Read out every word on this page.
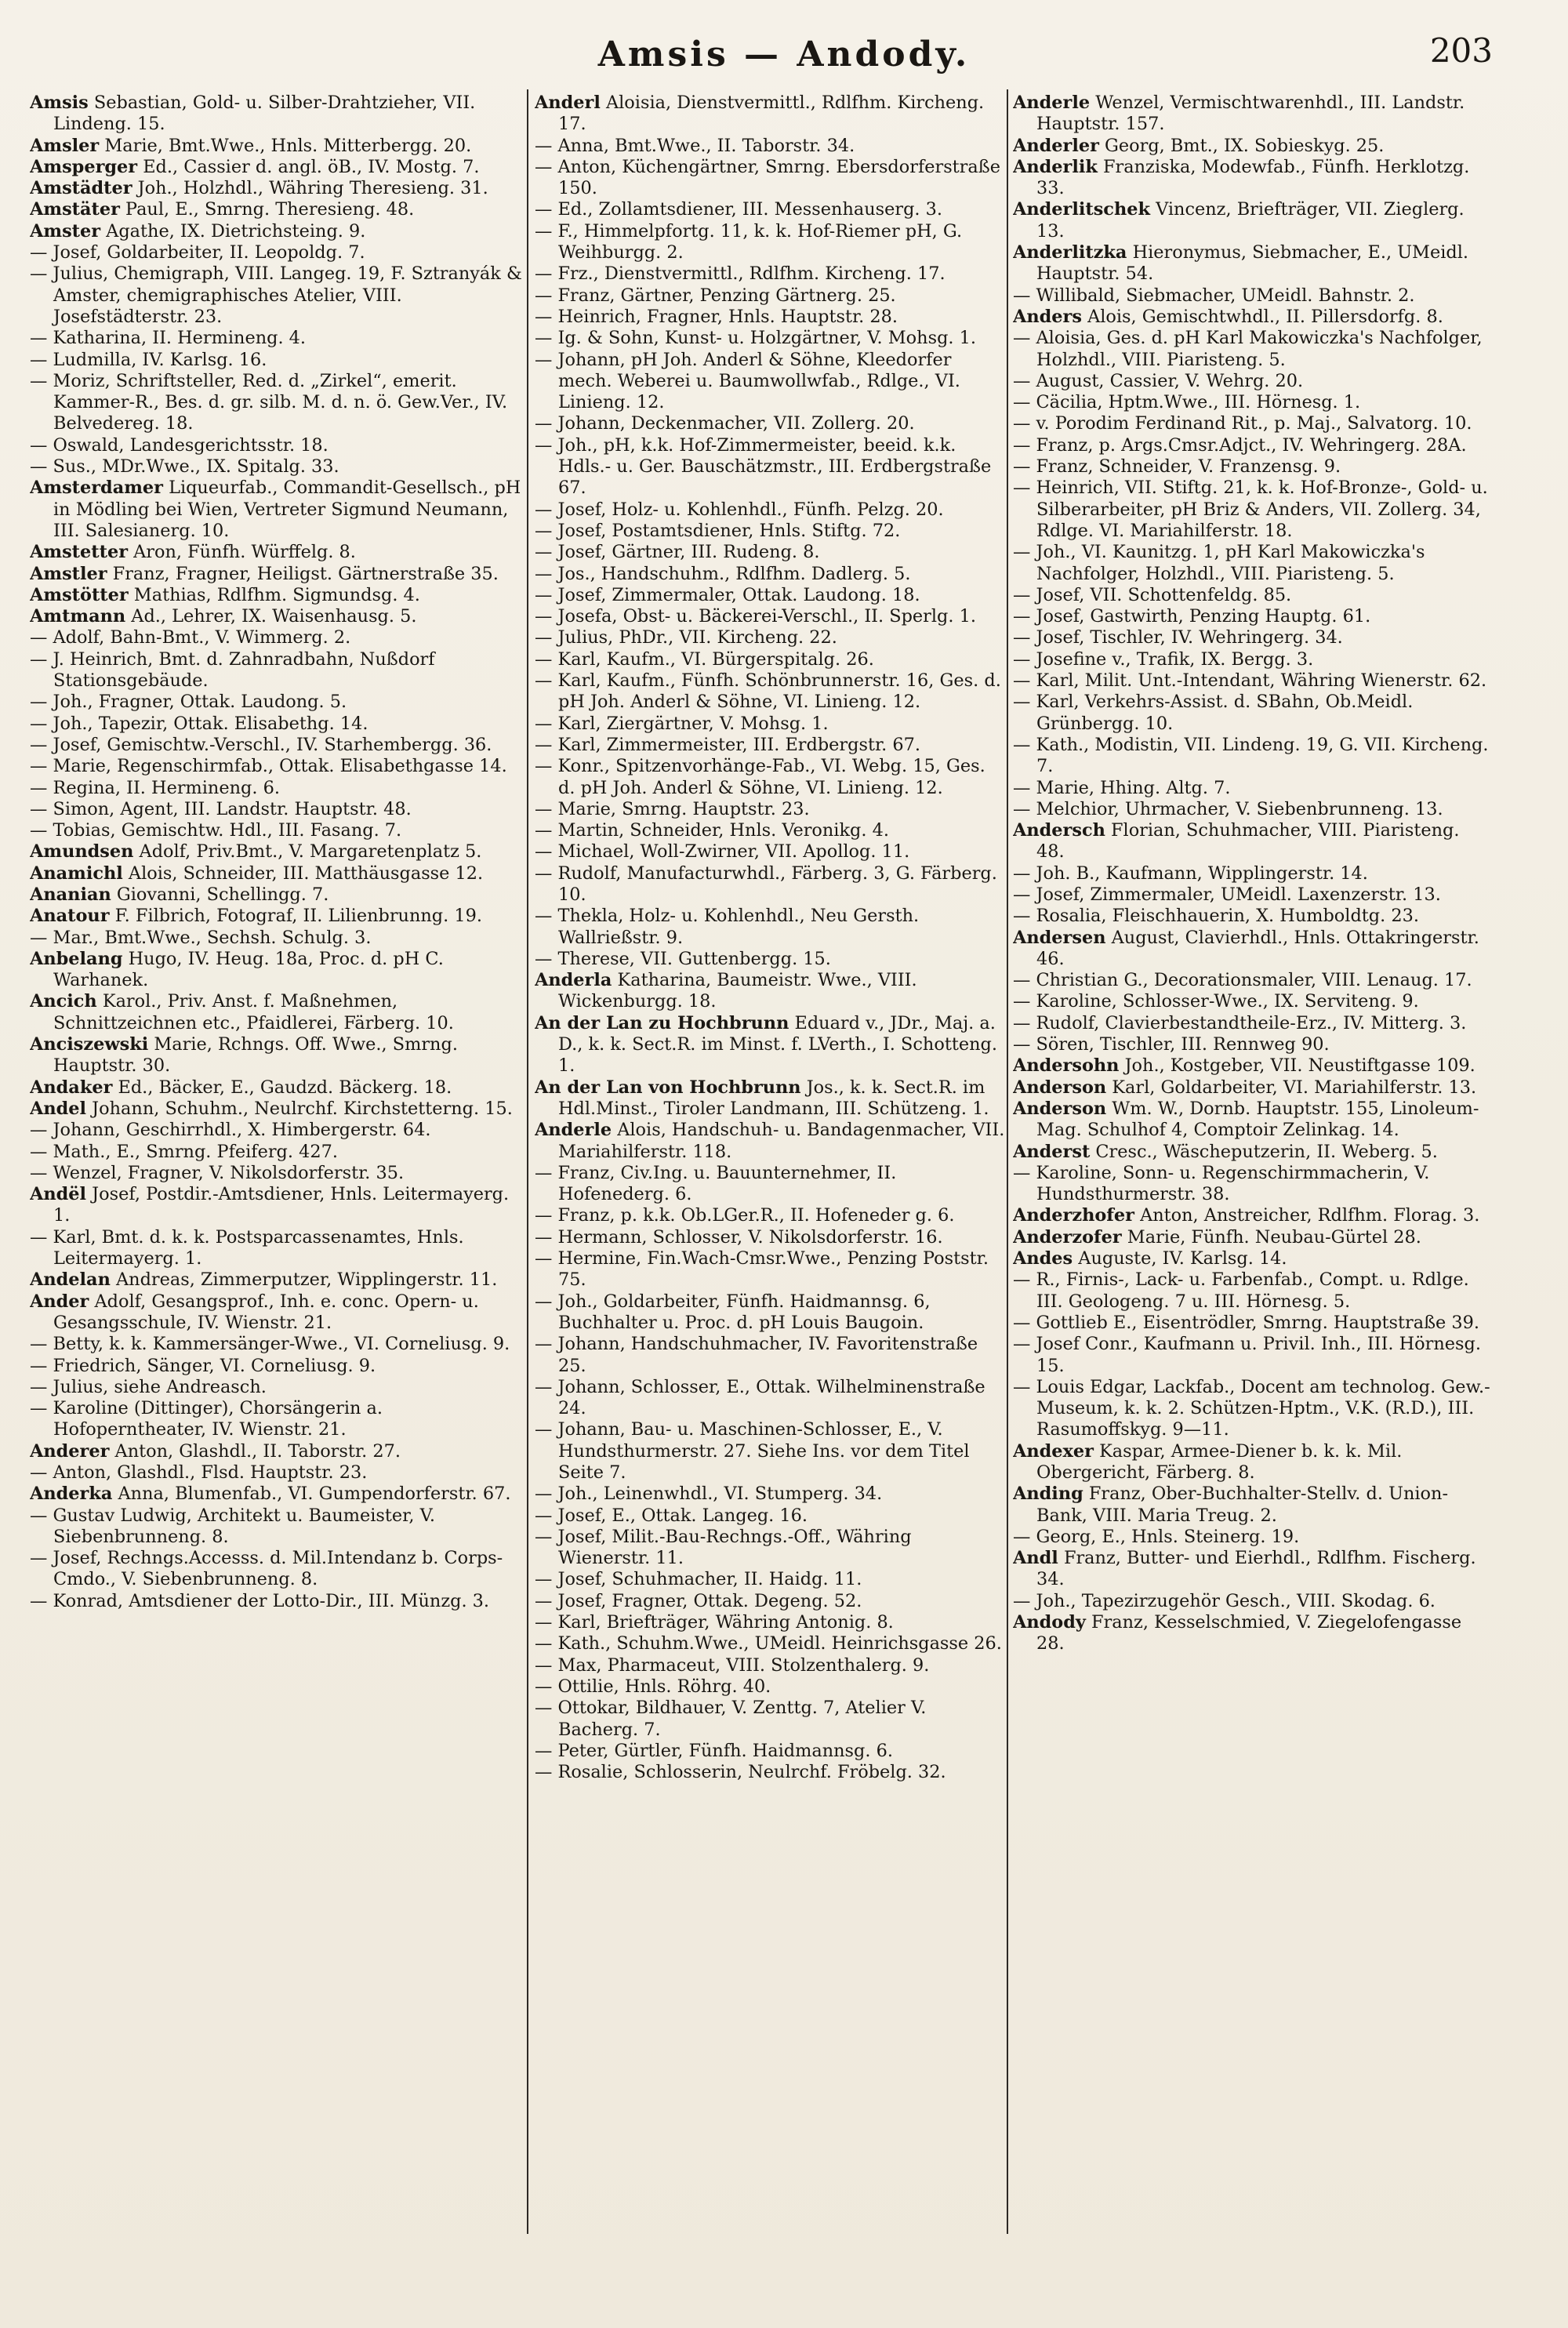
Amsis — Andody.	203

Amsis Sebastian, Gold- u. Silber-Drahtzieher, VII. Lindeng. 15.

Amsler Marie, Bmt.Wwe., Hnls. Mitterbergg. 20.

Amsperger Ed., Cassier d. angl. öB., IV. Mostg. 7.

Amstädter Joh., Holzhdl., Währing Theresieng. 31.

Amstäter Paul, E., Smrng. Theresieng. 48.

Amster Agathe, IX. Dietrichsteing. 9.

— Josef, Goldarbeiter, II. Leopoldg. 7.

— Julius, Chemigraph, VIII. Langeg. 19, F. Sztranyák & Amster, chemigraphisches Atelier, VIII. Josefstädterstr. 23.

— Katharina, II. Hermineng. 4.

— Ludmilla, IV. Karlsg. 16.

— Moriz, Schriftsteller, Red. d. „Zirkel“, emerit. Kammer-R., Bes. d. gr. silb. M. d. n. ö. Gew.Ver., IV. Belvedereg. 18.

— Oswald, Landesgerichtsstr. 18.

— Sus., MDr.Wwe., IX. Spitalg. 33.

Amsterdamer Liqueurfab., Commandit-Gesellsch., pH in Mödling bei Wien, Vertreter Sigmund Neumann, III. Salesianerg. 10.

Amstetter Aron, Fünfh. Würffelg. 8.

Amstler Franz, Fragner, Heiligst. Gärtnerstraße 35.

Amstötter Mathias, Rdlfhm. Sigmundsg. 4.

Amtmann Ad., Lehrer, IX. Waisenhausg. 5.

— Adolf, Bahn-Bmt., V. Wimmerg. 2.

— J. Heinrich, Bmt. d. Zahnradbahn, Nußdorf Stationsgebäude.

— Joh., Fragner, Ottak. Laudong. 5.

— Joh., Tapezir, Ottak. Elisabethg. 14.

— Josef, Gemischtw.-Verschl., IV. Starhembergg. 36.

— Marie, Regenschirmfab., Ottak. Elisabethgasse 14.

— Regina, II. Hermineng. 6.

— Simon, Agent, III. Landstr. Hauptstr. 48.

— Tobias, Gemischtw. Hdl., III. Fasang. 7.

Amundsen Adolf, Priv.Bmt., V. Margaretenplatz 5.

Anamichl Alois, Schneider, III. Matthäusgasse 12.

Ananian Giovanni, Schellingg. 7.

Anatour F. Filbrich, Fotograf, II. Lilienbrunng. 19.

— Mar., Bmt.Wwe., Sechsh. Schulg. 3.

Anbelang Hugo, IV. Heug. 18a, Proc. d. pH C. Warhanek.

Ancich Karol., Priv. Anst. f. Maßnehmen, Schnittzeichnen etc., Pfaidlerei, Färberg. 10.

Anciszewski Marie, Rchngs. Off. Wwe., Smrng. Hauptstr. 30.

Andaker Ed., Bäcker, E., Gaudzd. Bäckerg. 18.

Andel Johann, Schuhm., Neulrchf. Kirchstetterng. 15.

— Johann, Geschirrhdl., X. Himbergerstr. 64.

— Math., E., Smrng. Pfeiferg. 427.

— Wenzel, Fragner, V. Nikolsdorferstr. 35.

Andël Josef, Postdir.-Amtsdiener, Hnls. Leitermayerg. 1.

— Karl, Bmt. d. k. k. Postsparcassenamtes, Hnls. Leitermayerg. 1.

Andelan Andreas, Zimmerputzer, Wipplingerstr. 11.

Ander Adolf, Gesangsprof., Inh. e. conc. Opern- u. Gesangsschule, IV. Wienstr. 21.

— Betty, k. k. Kammersänger-Wwe., VI. Corneliusg. 9.

— Friedrich, Sänger, VI. Corneliusg. 9.

— Julius, siehe Andreasch.

— Karoline (Dittinger), Chorsängerin a. Hofoperntheater, IV. Wienstr. 21.

Anderer Anton, Glashdl., II. Taborstr. 27.

— Anton, Glashdl., Flsd. Hauptstr. 23.

Anderka Anna, Blumenfab., VI. Gumpendorferstr. 67.

— Gustav Ludwig, Architekt u. Baumeister, V. Siebenbrunneng. 8.

— Josef, Rechngs.Accesss. d. Mil.Intendanz b. Corps-Cmdo., V. Siebenbrunneng. 8.

— Konrad, Amtsdiener der Lotto-Dir., III. Münzg. 3.

Anderl Aloisia, Dienstvermittl., Rdlfhm. Kircheng. 17.

— Anna, Bmt.Wwe., II. Taborstr. 34.

— Anton, Küchengärtner, Smrng. Ebersdorferstraße 150.

— Ed., Zollamtsdiener, III. Messenhauserg. 3.

— F., Himmelpfortg. 11, k. k. Hof-Riemer pH, G. Weihburgg. 2.

— Frz., Dienstvermittl., Rdlfhm. Kircheng. 17.

— Franz, Gärtner, Penzing Gärtnerg. 25.

— Heinrich, Fragner, Hnls. Hauptstr. 28.

— Ig. & Sohn, Kunst- u. Holzgärtner, V. Mohsg. 1.

— Johann, pH Joh. Anderl & Söhne, Kleedorfer mech. Weberei u. Baumwollwfab., Rdlge., VI. Linieng. 12.

— Johann, Deckenmacher, VII. Zollerg. 20.

— Joh., pH, k.k. Hof-Zimmermeister, beeid. k.k. Hdls.- u. Ger. Bauschätzmstr., III. Erdbergstraße 67.

— Josef, Holz- u. Kohlenhdl., Fünfh. Pelzg. 20.

— Josef, Postamtsdiener, Hnls. Stiftg. 72.

— Josef, Gärtner, III. Rudeng. 8.

— Jos., Handschuhm., Rdlfhm. Dadlerg. 5.

— Josef, Zimmermaler, Ottak. Laudong. 18.

— Josefa, Obst- u. Bäckerei-Verschl., II. Sperlg. 1.

— Julius, PhDr., VII. Kircheng. 22.

— Karl, Kaufm., VI. Bürgerspitalg. 26.

— Karl, Kaufm., Fünfh. Schönbrunnerstr. 16, Ges. d. pH Joh. Anderl & Söhne, VI. Linieng. 12.

— Karl, Ziergärtner, V. Mohsg. 1.

— Karl, Zimmermeister, III. Erdbergstr. 67.

— Konr., Spitzenvorhänge-Fab., VI. Webg. 15, Ges. d. pH Joh. Anderl & Söhne, VI. Linieng. 12.

— Marie, Smrng. Hauptstr. 23.

— Martin, Schneider, Hnls. Veronikg. 4.

— Michael, Woll-Zwirner, VII. Apollog. 11.

— Rudolf, Manufacturwhdl., Färberg. 3, G. Färberg. 10.

— Thekla, Holz- u. Kohlenhdl., Neu Gersth. Wallrießstr. 9.

— Therese, VII. Guttenbergg. 15.

Anderla Katharina, Baumeistr. Wwe., VIII. Wickenburgg. 18.

An der Lan zu Hochbrunn Eduard v., JDr., Maj. a. D., k. k. Sect.R. im Minst. f. LVerth., I. Schotteng. 1.

An der Lan von Hochbrunn Jos., k. k. Sect.R. im Hdl.Minst., Tiroler Landmann, III. Schützeng. 1.

Anderle Alois, Handschuh- u. Bandagenmacher, VII. Mariahilferstr. 118.

— Franz, Civ.Ing. u. Bauunternehmer, II. Hofenederg. 6.

— Franz, p. k.k. Ob.LGer.R., II. Hofeneder g. 6.

— Hermann, Schlosser, V. Nikolsdorferstr. 16.

— Hermine, Fin.Wach-Cmsr.Wwe., Penzing Poststr. 75.

— Joh., Goldarbeiter, Fünfh. Haidmannsg. 6, Buchhalter u. Proc. d. pH Louis Baugoin.

— Johann, Handschuhmacher, IV. Favoritenstraße 25.

— Johann, Schlosser, E., Ottak. Wilhelminenstraße 24.

— Johann, Bau- u. Maschinen-Schlosser, E., V. Hundsthurmerstr. 27. Siehe Ins. vor dem Titel Seite 7.

— Joh., Leinenwhdl., VI. Stumperg. 34.

— Josef, E., Ottak. Langeg. 16.

— Josef, Milit.-Bau-Rechngs.-Off., Währing Wienerstr. 11.

— Josef, Schuhmacher, II. Haidg. 11.

— Josef, Fragner, Ottak. Degeng. 52.

— Karl, Briefträger, Währing Antonig. 8.

— Kath., Schuhm.Wwe., UMeidl. Heinrichsgasse 26.

— Max, Pharmaceut, VIII. Stolzenthalerg. 9.

— Ottilie, Hnls. Röhrg. 40.

— Ottokar, Bildhauer, V. Zenttg. 7, Atelier V. Bacherg. 7.

— Peter, Gürtler, Fünfh. Haidmannsg. 6.

— Rosalie, Schlosserin, Neulrchf. Fröbelg. 32.

Anderle Wenzel, Vermischtwarenhdl., III. Landstr. Hauptstr. 157.

Anderler Georg, Bmt., IX. Sobieskyg. 25.

Anderlik Franziska, Modewfab., Fünfh. Herklotzg. 33.

Anderlitschek Vincenz, Briefträger, VII. Zieglerg. 13.

Anderlitzka Hieronymus, Siebmacher, E., UMeidl. Hauptstr. 54.

— Willibald, Siebmacher, UMeidl. Bahnstr. 2.

Anders Alois, Gemischtwhdl., II. Pillersdorfg. 8.

— Aloisia, Ges. d. pH Karl Makowiczka's Nachfolger, Holzhdl., VIII. Piaristeng. 5.

— August, Cassier, V. Wehrg. 20.

— Cäcilia, Hptm.Wwe., III. Hörnesg. 1.

— v. Porodim Ferdinand Rit., p. Maj., Salvatorg. 10.

— Franz, p. Args.Cmsr.Adjct., IV. Wehringerg. 28A.

— Franz, Schneider, V. Franzensg. 9.

— Heinrich, VII. Stiftg. 21, k. k. Hof-Bronze-, Gold- u. Silberarbeiter, pH Briz & Anders, VII. Zollerg. 34, Rdlge. VI. Mariahilferstr. 18.

— Joh., VI. Kaunitzg. 1, pH Karl Makowiczka's Nachfolger, Holzhdl., VIII. Piaristeng. 5.

— Josef, VII. Schottenfeldg. 85.

— Josef, Gastwirth, Penzing Hauptg. 61.

— Josef, Tischler, IV. Wehringerg. 34.

— Josefine v., Trafik, IX. Bergg. 3.

— Karl, Milit. Unt.-Intendant, Währing Wienerstr. 62.

— Karl, Verkehrs-Assist. d. SBahn, Ob.Meidl. Grünbergg. 10.

— Kath., Modistin, VII. Lindeng. 19, G. VII. Kircheng. 7.

— Marie, Hhing. Altg. 7.

— Melchior, Uhrmacher, V. Siebenbrunneng. 13.

Andersch Florian, Schuhmacher, VIII. Piaristeng. 48.

— Joh. B., Kaufmann, Wipplingerstr. 14.

— Josef, Zimmermaler, UMeidl. Laxenzerstr. 13.

— Rosalia, Fleischhauerin, X. Humboldtg. 23.

Andersen August, Clavierhdl., Hnls. Ottakringerstr. 46.

— Christian G., Decorationsmaler, VIII. Lenaug. 17.

— Karoline, Schlosser-Wwe., IX. Serviteng. 9.

— Rudolf, Clavierbestandtheile-Erz., IV. Mitterg. 3.

— Sören, Tischler, III. Rennweg 90.

Andersohn Joh., Kostgeber, VII. Neustiftgasse 109.

Anderson Karl, Goldarbeiter, VI. Mariahilferstr. 13.

Anderson Wm. W., Dornb. Hauptstr. 155, Linoleum-Mag. Schulhof 4, Comptoir Zelinkag. 14.

Anderst Cresc., Wäscheputzerin, II. Weberg. 5.

— Karoline, Sonn- u. Regenschirmmacherin, V. Hundsthurmerstr. 38.

Anderzhofer Anton, Anstreicher, Rdlfhm. Florag. 3.

Anderzofer Marie, Fünfh. Neubau-Gürtel 28.

Andes Auguste, IV. Karlsg. 14.

— R., Firnis-, Lack- u. Farbenfab., Compt. u. Rdlge. III. Geologeng. 7 u. III. Hörnesg. 5.

— Gottlieb E., Eisentrödler, Smrng. Hauptstraße 39.

— Josef Conr., Kaufmann u. Privil. Inh., III. Hörnesg. 15.

— Louis Edgar, Lackfab., Docent am technolog. Gew.-Museum, k. k. 2. Schützen-Hptm., V.K. (R.D.), III. Rasumoffskyg. 9—11.

Andexer Kaspar, Armee-Diener b. k. k. Mil. Obergericht, Färberg. 8.

Anding Franz, Ober-Buchhalter-Stellv. d. Union-Bank, VIII. Maria Treug. 2.

— Georg, E., Hnls. Steinerg. 19.

Andl Franz, Butter- und Eierhdl., Rdlfhm. Fischerg. 34.

— Joh., Tapezirzugehör Gesch., VIII. Skodag. 6.

Andody Franz, Kesselschmied, V. Ziegelofengasse 28.
